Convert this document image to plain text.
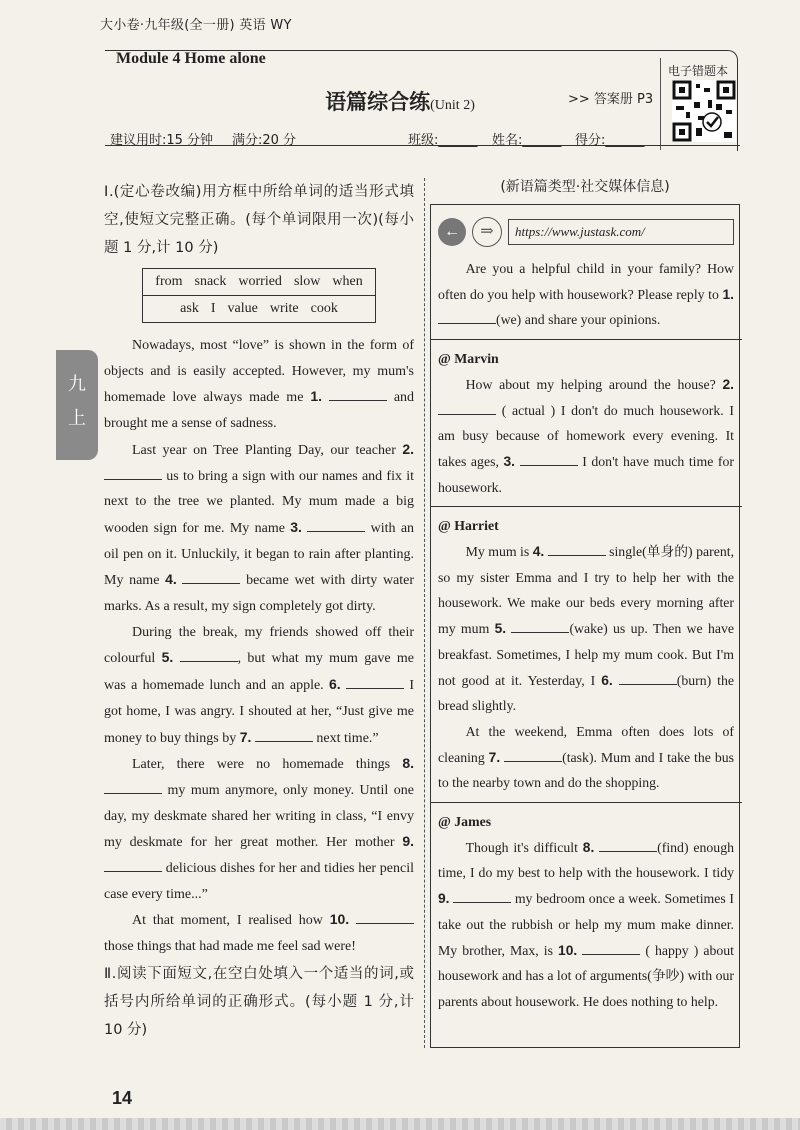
大小卷·九年级(全一册) 英语 WY
Module 4 Home alone
语篇综合练(Unit 2)	>> 答案册 P3
电子错题本
建议用时:15 分钟 满分:20 分	班级:______ 姓名:______ 得分:______
九上

Ⅰ.(定心卷改编)用方框中所给单词的适当形式填空,使短文完整正确。(每个单词限用一次)(每小题 1 分,计 10 分)

from snack worried slow when
ask I value write cook

Nowadays, most “love” is shown in the form of objects and is easily accepted. However, my mum's homemade love always made me 1.	and brought me a sense of sadness.

Last year on Tree Planting Day, our teacher 2.  us to bring a sign with our names and fix it next to the tree we planted. My mum made a big wooden sign for me. My name 3.	with an oil pen on it. Unluckily, it began to rain after planting. My name 4.	became wet with dirty water marks. As a result, my sign completely got dirty.

During the break, my friends showed off their colourful 5.	, but what my mum gave me was a homemade lunch and an apple. 6.	I got home, I was angry. I shouted at her, “Just give me money to buy things by 7.	next time.”

Later, there were no homemade things 8.  my mum anymore, only money. Until one day, my deskmate shared her writing in class, “I envy my deskmate for her great mother. Her mother 9.  delicious dishes for her and tidies her pencil case every time...”

At that moment, I realised how 10.  those things that had made me feel sad were!

Ⅱ.阅读下面短文,在空白处填入一个适当的词,或括号内所给单词的正确形式。(每小题 1 分,计 10 分)

(新语篇类型·社交媒体信息)
←	⇒	https://www.justask.com/

Are you a helpful child in your family? How often do you help with housework? Please reply to 1. (we) and share your opinions.

@ Marvin

How about my helping around the house? 2.  ( actual ) I don't do much housework. I am busy because of homework every evening. It takes ages, 3.	I don't have much time for housework.

@ Harriet

My mum is 4.	single(单身的) parent, so my sister Emma and I try to help her with the housework. We make our beds every morning after my mum 5.	(wake) us up. Then we have breakfast. Sometimes, I help my mum cook. But I'm not good at it. Yesterday, I 6.	(burn) the bread slightly.

At the weekend, Emma often does lots of cleaning 7.	(task). Mum and I take the bus to the nearby town and do the shopping.

@ James

Though it's difficult 8.	(find) enough time, I do my best to help with the housework. I tidy 9.	my bedroom once a week. Sometimes I take out the rubbish or help my mum make dinner. My brother, Max, is 10.	( happy ) about housework and has a lot of arguments(争吵) with our parents about housework. He does nothing to help.

14
